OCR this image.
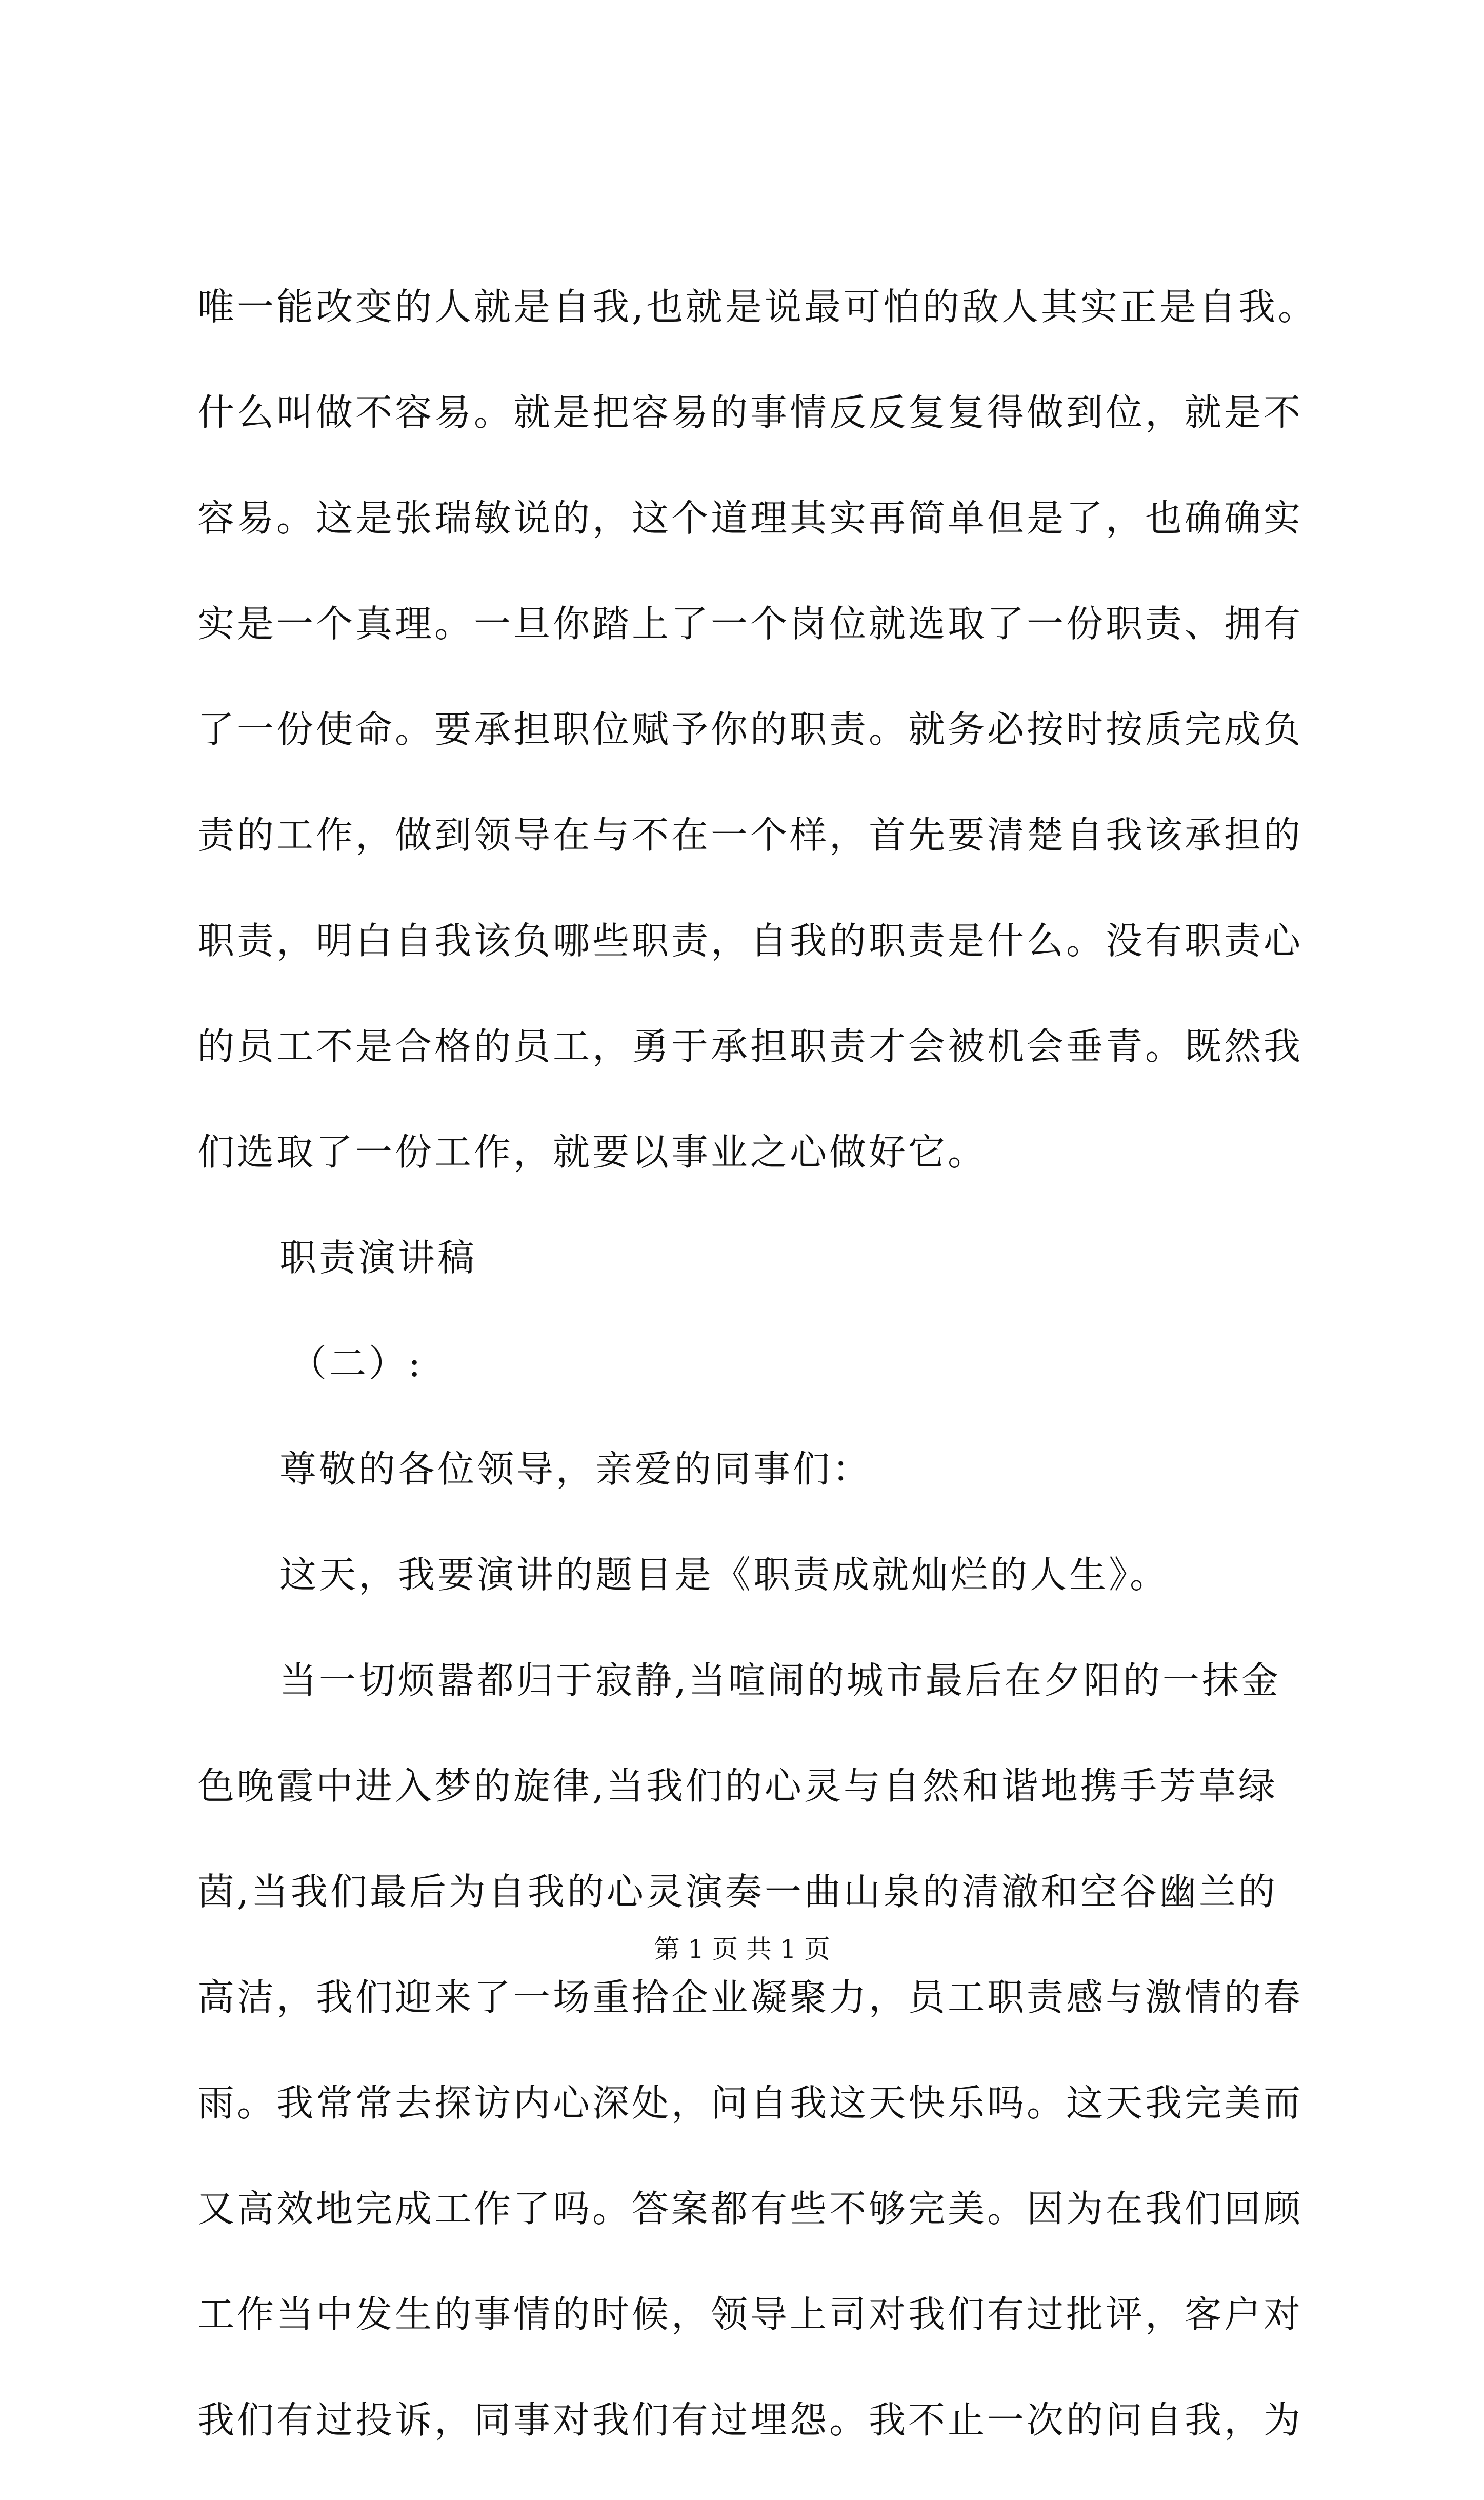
唯一能改变的人就是自我,也就是说最可怕的敌人其实正是自我。
什么叫做不容易。就是把容易的事情反反复复得做到位，就是不
容易。这是张瑞敏说的，这个道理其实再简单但是了，也确确实
实是一个真理。一旦你踏上了一个岗位就选取了一份职责、拥有
了一份使命。要承担职位赋予你的职责。就务必按时按质完成负
责的工作，做到领导在与不在一个样，首先要清楚自我该承担的
职责，明白自我该负哪些职责，自我的职责是什么。没有职责心
的员工不是合格的员工，勇于承担职责才会被机会垂青。既然我
们选取了一份工作，就要以事业之心做好它。
职责演讲稿
（二）:
尊敬的各位领导，亲爱的同事们：
这天，我要演讲的题目是《职责成就灿烂的人生》。
当一切烦嚣都归于寂静,当喧闹的城市最后在夕阳的一抹金
色晚霞中进入梦的旋律,当我们的心灵与自然和谐地携手芳草绿
茵,当我们最后为自我的心灵演奏一曲山泉的清澈和空谷幽兰的
高洁，我们迎来了一场重拾企业凝聚力，员工职责感与激情的春
雨。我常常去探访内心深处，问自我这天快乐吗。这天我完美而
又高效地完成工作了吗。答案都有些不够完美。因为在我们回顾
工作当中发生的事情的时候，领导上司对我们有过批评，客户对
我们有过投诉，同事对我们有过埋怨。我不止一次的问自我，为
第 1 页 共 1 页
